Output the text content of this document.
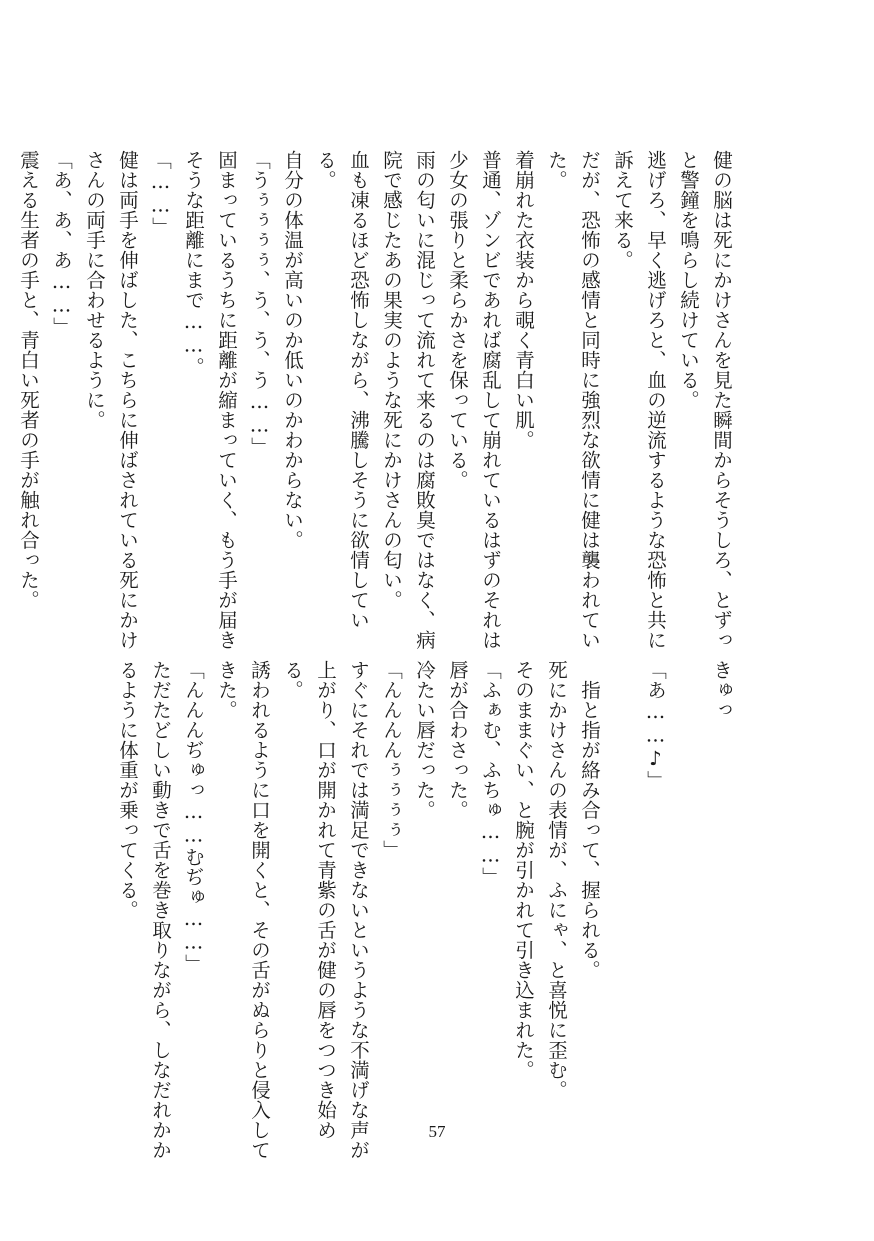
健の脳は死にかけさんを見た瞬間からそうしろ、とずっ

と警鐘を鳴らし続けている。

逃げろ、早く逃げろと、血の逆流するような恐怖と共に

訴えて来る。

だが、恐怖の感情と同時に強烈な欲情に健は襲われてい

た。

着崩れた衣装から覗く青白い肌。

普通、ゾンビであれば腐乱して崩れているはずのそれは

少女の張りと柔らかさを保っている。

雨の匂いに混じって流れて来るのは腐敗臭ではなく、病

院で感じたあの果実のような死にかけさんの匂い。

血も凍るほど恐怖しながら、沸騰しそうに欲情してい

る。

自分の体温が高いのか低いのかわからない。

「うぅぅぅぅ、う、う、う……」

固まっているうちに距離が縮まっていく、もう手が届き

そうな距離にまで……。

「……」

健は両手を伸ばした、こちらに伸ばされている死にかけ

さんの両手に合わせるように。

「あ、あ、あ……」

震える生者の手と、青白い死者の手が触れ合った。

きゅっ

「あ……♪」

　指と指が絡み合って、握られる。

死にかけさんの表情が、ふにゃ、と喜悦に歪む。

そのままぐい、と腕が引かれて引き込まれた。

「ふぁむ、ふちゅ……」

唇が合わさった。

冷たい唇だった。

「んんんんぅぅぅぅ」

すぐにそれでは満足できないというような不満げな声が

上がり、口が開かれて青紫の舌が健の唇をつつき始め

る。

誘われるように口を開くと、その舌がぬらりと侵入して

きた。

「んんんぢゅっ……むぢゅ……」

ただたどしい動きで舌を巻き取りながら、しなだれかか

るように体重が乗ってくる。

57
